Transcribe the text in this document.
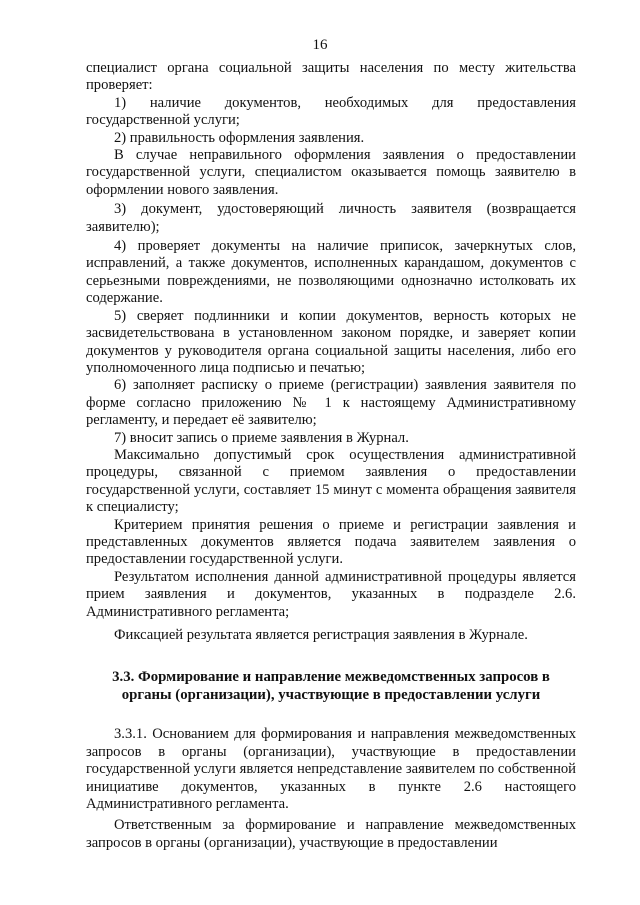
16

специалист органа социальной защиты населения по месту жительства проверяет:

1) наличие документов, необходимых для предоставления государственной услуги;

2) правильность оформления заявления.

В случае неправильного оформления заявления о предоставлении государственной услуги, специалистом оказывается помощь заявителю в оформлении нового заявления.

3) документ, удостоверяющий личность заявителя (возвращается заявителю);

4) проверяет документы на наличие приписок, зачеркнутых слов, исправлений, а также документов, исполненных карандашом, документов с серьезными повреждениями, не позволяющими однозначно истолковать их содержание.

5) сверяет подлинники и копии документов, верность которых не засвидетельствована в установленном законом порядке, и заверяет копии документов у руководителя органа социальной защиты населения, либо его уполномоченного лица подписью и печатью;

6) заполняет расписку о приеме (регистрации) заявления заявителя по форме согласно приложению № 1 к настоящему Административному регламенту, и передает её заявителю;

7) вносит запись о приеме заявления в Журнал.

Максимально допустимый срок осуществления административной процедуры, связанной с приемом заявления о предоставлении государственной услуги, составляет 15 минут с момента обращения заявителя к специалисту;

Критерием принятия решения о приеме и регистрации заявления и представленных документов является подача заявителем заявления о предоставлении государственной услуги.

Результатом исполнения данной административной процедуры является прием заявления и документов, указанных в подразделе 2.6. Административного регламента;

Фиксацией результата является регистрация заявления в Журнале.

3.3. Формирование и направление межведомственных запросов в органы (организации), участвующие в предоставлении услуги

3.3.1. Основанием для формирования и направления межведомственных запросов в органы (организации), участвующие в предоставлении государственной услуги является непредставление заявителем по собственной инициативе документов, указанных в пункте 2.6 настоящего Административного регламента.

Ответственным за формирование и направление межведомственных запросов в органы (организации), участвующие в предоставлении
